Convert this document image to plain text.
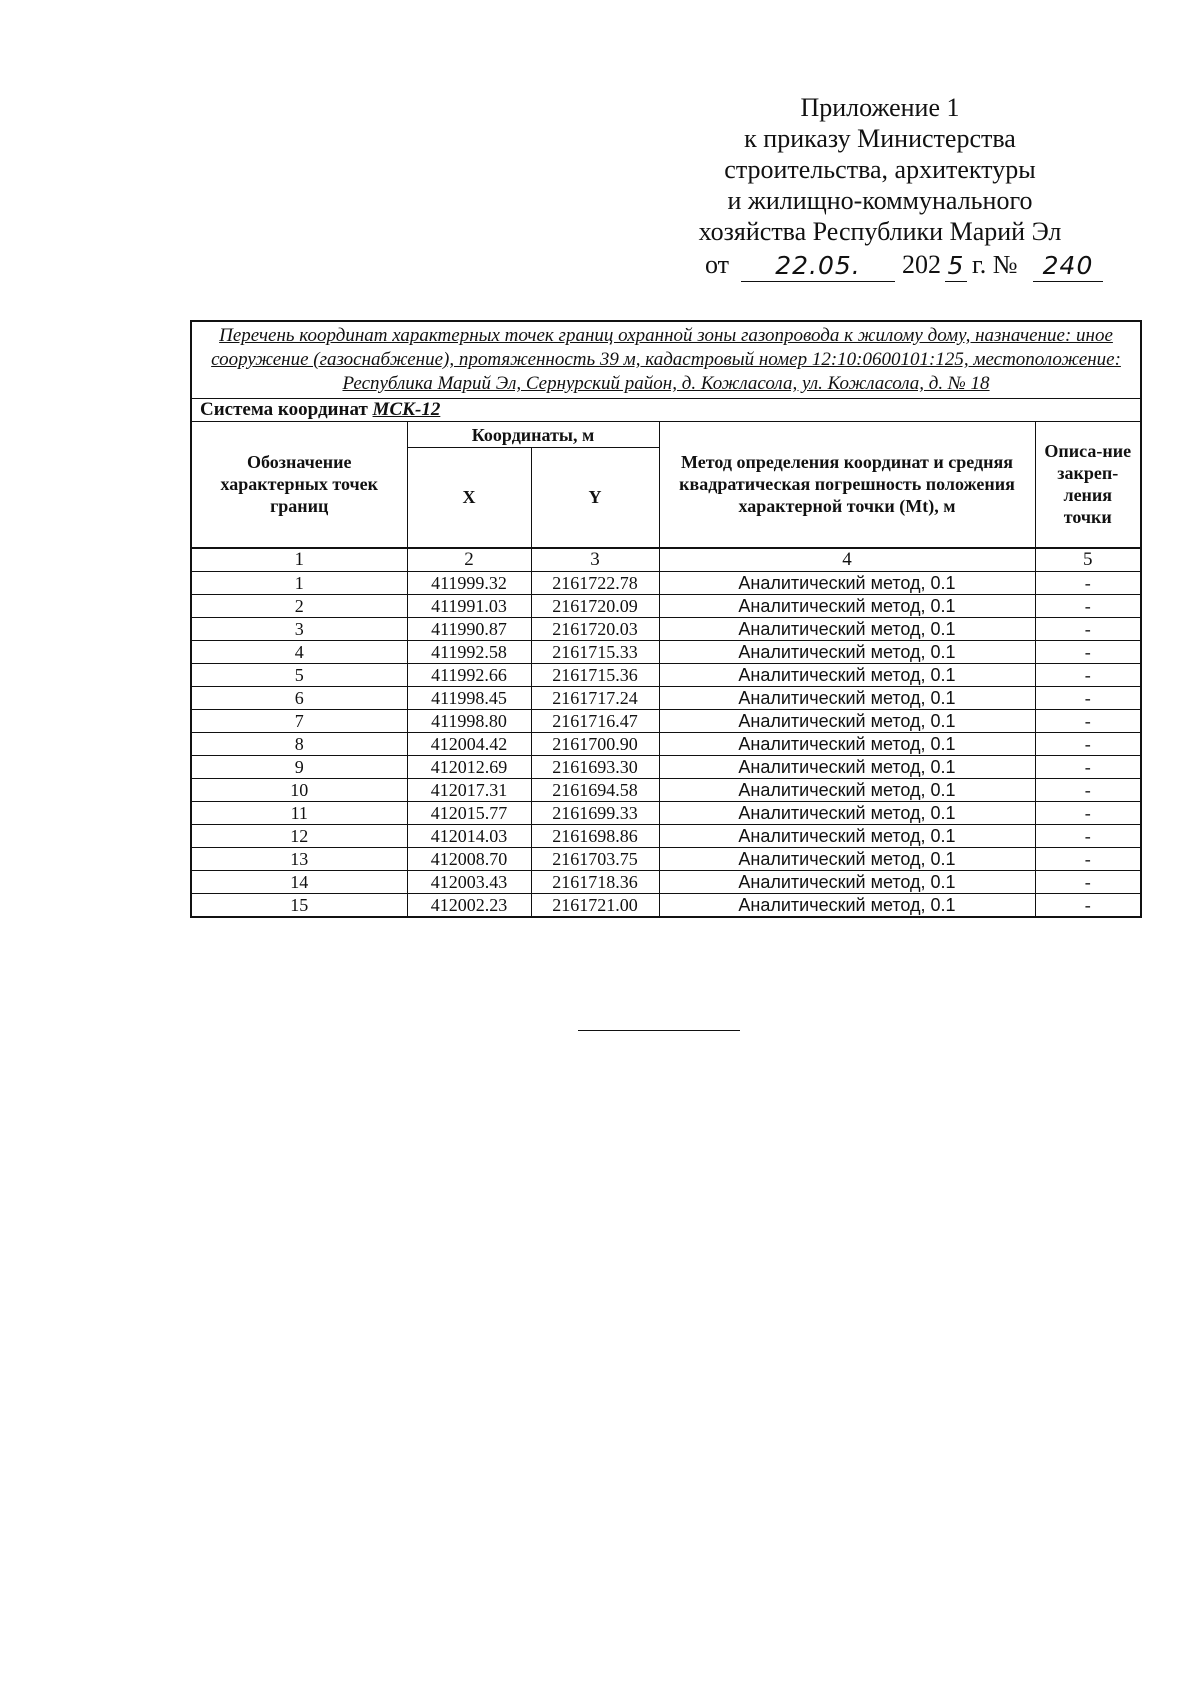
Приложение 1
к приказу Министерства
строительства, архитектуры
и жилищно-коммунального
хозяйства Республики Марий Эл
от	22.05.	202 5 г. №	240
Перечень координат характерных точек границ охранной зоны газопровода к жилому дому, назначение: иное сооружение (газоснабжение), протяженность 39 м, кадастровый номер 12:10:0600101:125, местоположение: Республика Марий Эл, Сернурский район, д. Кожласола, ул. Кожласола, д. № 18				
Система координат МСК-12				
Обозначение характерных точек границ	Координаты, м		Метод определения координат и средняя квадратическая погрешность положения характерной точки (Mt), м	Описа-ние закреп-ления точки
	X	Y		
1	2	3	4	5
1	411999.32	2161722.78	Аналитический метод, 0.1	-
2	411991.03	2161720.09	Аналитический метод, 0.1	-
3	411990.87	2161720.03	Аналитический метод, 0.1	-
4	411992.58	2161715.33	Аналитический метод, 0.1	-
5	411992.66	2161715.36	Аналитический метод, 0.1	-
6	411998.45	2161717.24	Аналитический метод, 0.1	-
7	411998.80	2161716.47	Аналитический метод, 0.1	-
8	412004.42	2161700.90	Аналитический метод, 0.1	-
9	412012.69	2161693.30	Аналитический метод, 0.1	-
10	412017.31	2161694.58	Аналитический метод, 0.1	-
11	412015.77	2161699.33	Аналитический метод, 0.1	-
12	412014.03	2161698.86	Аналитический метод, 0.1	-
13	412008.70	2161703.75	Аналитический метод, 0.1	-
14	412003.43	2161718.36	Аналитический метод, 0.1	-
15	412002.23	2161721.00	Аналитический метод, 0.1	-
